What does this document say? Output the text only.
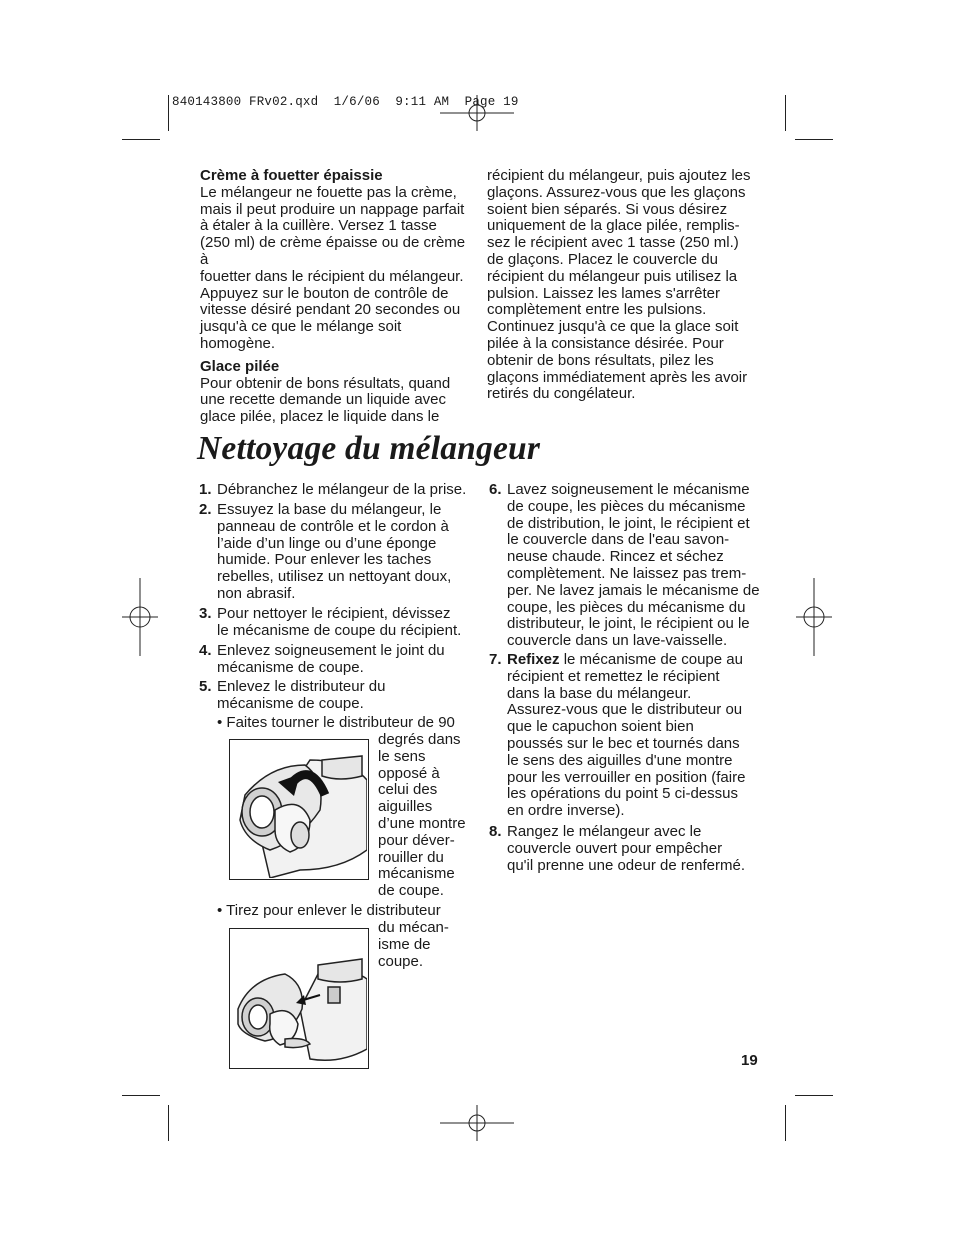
840143800 FRv02.qxd  1/6/06  9:11 AM  Page 19

Crème à fouetter épaissie

Le mélangeur ne fouette pas la crème,
mais il peut produire un nappage parfait
à étaler à la cuillère. Versez 1 tasse
(250 ml) de crème épaisse ou de crème à
fouetter dans le récipient du mélangeur.
Appuyez sur le bouton de contrôle de
vitesse désiré pendant 20 secondes ou
jusqu'à ce que le mélange soit
homogène.

Glace pilée

Pour obtenir de bons résultats, quand
une recette demande un liquide avec
glace pilée, placez le liquide dans le
récipient du mélangeur, puis ajoutez les
glaçons. Assurez-vous que les glaçons
soient bien séparés. Si vous désirez
uniquement de la glace pilée, remplis-
sez le récipient avec 1 tasse (250 ml.)
de glaçons. Placez le couvercle du
récipient du mélangeur puis utilisez la
pulsion. Laissez les lames s'arrêter
complètement entre les pulsions.
Continuez jusqu'à ce que la glace soit
pilée à la consistance désirée. Pour
obtenir de bons résultats, pilez les
glaçons immédiatement après les avoir
retirés du congélateur.
Nettoyage du mélangeur
1. Débranchez le mélangeur de la prise.
2. Essuyez la base du mélangeur, le
panneau de contrôle et le cordon à
l’aide d’un linge ou d’une éponge
humide. Pour enlever les taches
rebelles, utilisez un nettoyant doux,
non abrasif.
3. Pour nettoyer le récipient, dévissez
le mécanisme de coupe du récipient.
4. Enlevez soigneusement le joint du
mécanisme de coupe.
5. Enlevez le distributeur du
mécanisme de coupe.
• Faites tourner le distributeur de 90
degrés dans
le sens
opposé à
celui des
aiguilles
d’une montre
pour déver-
rouiller du
mécanisme
de coupe.
• Tirez pour enlever le distributeur
du mécan-
isme de
coupe.
6. Lavez soigneusement le mécanisme
de coupe, les pièces du mécanisme
de distribution, le joint, le récipient et
le couvercle dans de l'eau savon-
neuse chaude. Rincez et séchez
complètement. Ne laissez pas trem-
per. Ne lavez jamais le mécanisme de
coupe, les pièces du mécanisme du
distributeur, le joint, le récipient ou le
couvercle dans un lave-vaisselle.
7. Refixez le mécanisme de coupe au
récipient et remettez le récipient
dans la base du mélangeur.
Assurez-vous que le distributeur ou
que le capuchon soient bien
poussés sur le bec et tournés dans
le sens des aiguilles d'une montre
pour les verrouiller en position (faire
les opérations du point 5 ci-dessus
en ordre inverse).
8. Rangez le mélangeur avec le
couvercle ouvert pour empêcher
qu'il prenne une odeur de renfermé.
19
